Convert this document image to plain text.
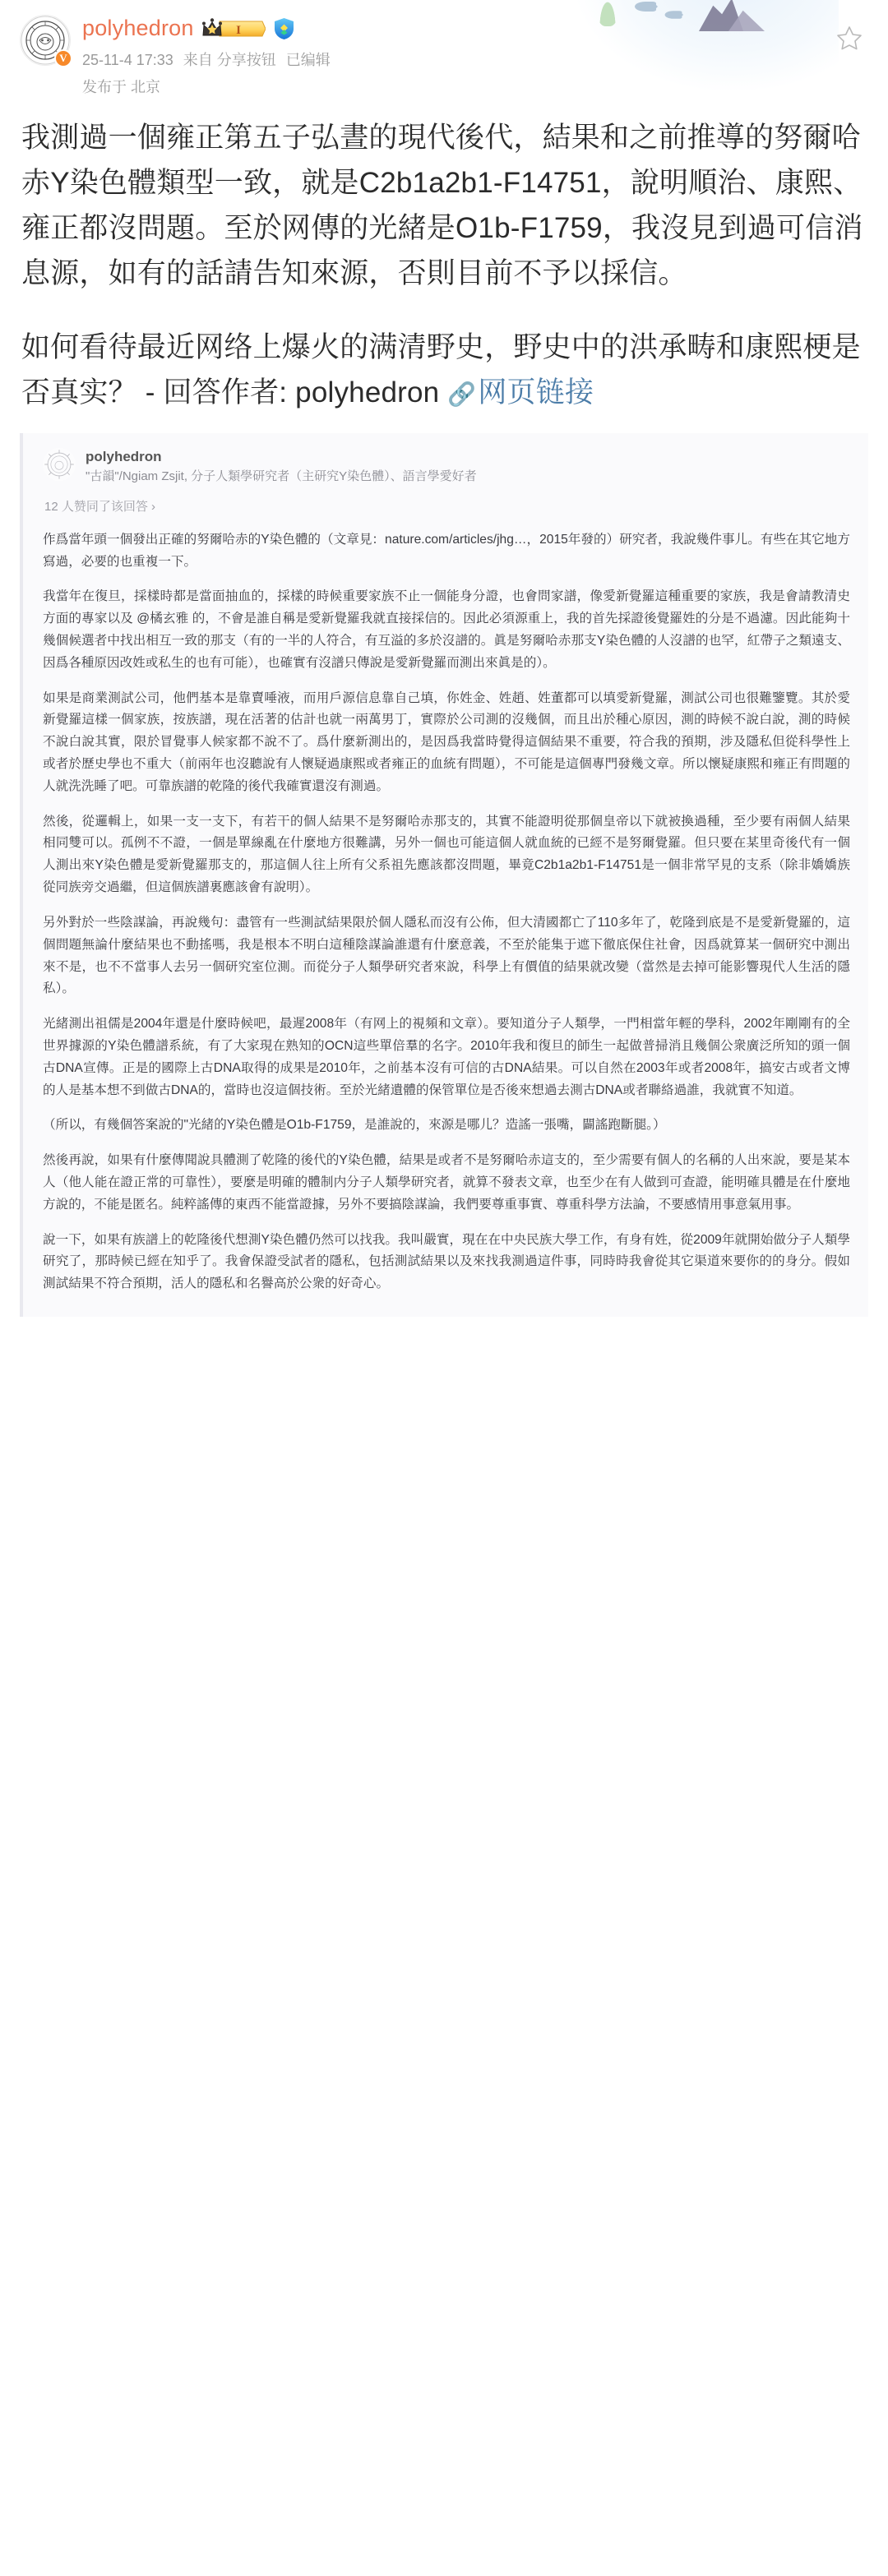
V
polyhedron	I
25-11-4 17:33 来自 分享按钮 已编辑
发布于 北京

我測過一個雍正第五子弘晝的現代後代，結果和之前推導的努爾哈赤Y染色體類型一致，就是C2b1a2b1-F14751，說明順治、康熙、雍正都沒問題。至於网傳的光緒是O1b-F1759，我沒見到過可信消息源，如有的話請告知來源，否則目前不予以採信。

如何看待最近网络上爆火的满清野史，野史中的洪承畴和康熙梗是否真实？ - 回答作者: polyhedron 🔗网页链接

polyhedron
"古韻"/Ngiam Zsjit, 分子人類學研究者（主研究Y染色體）、語言學愛好者
12 人赞同了该回答 ›

作爲當年頭一個發出正確的努爾哈赤的Y染色體的（文章見：nature.com/articles/jhg…，2015年發的）研究者，我說幾件事儿。有些在其它地方寫過，必要的也重複一下。

我當年在復旦，採樣時都是當面抽血的，採樣的時候重要家族不止一個能身分證，也會問家譜，像愛新覺羅這種重要的家族，我是會請教清史方面的專家以及 @橘玄雅 的，不會是誰自稱是愛新覺羅我就直接採信的。因此必須源重上，我的首先採證後覺羅姓的分是不過濾。因此能夠十幾個候選者中找出相互一致的那支（有的一半的人符合，有互溢的多於沒譜的。眞是努爾哈赤那支Y染色體的人沒譜的也罕，紅帶子之類遠支、因爲各種原因改姓或私生的也有可能），也確實有沒譜只傳說是愛新覺羅而測出來眞是的）。

如果是商業測試公司，他們基本是靠賣唾液，而用戶源信息靠自己填，你姓金、姓趙、姓董都可以填愛新覺羅，測試公司也很難鑒覽。其於愛新覺羅這樣一個家族，按族譜，現在活著的估計也就一兩萬男丁，實際於公司測的沒幾個，而且出於種心原因，測的時候不說白說，測的時候不說白說其實，限於冒覺事人候家都不說不了。爲什麼新測出的，是因爲我當時覺得這個結果不重要，符合我的預期，涉及隱私但從科學性上或者於歷史學也不重大（前兩年也沒聽說有人懷疑過康熙或者雍正的血統有問題），不可能是這個專門發幾文章。所以懷疑康熙和雍正有問題的人就洗洗睡了吧。可靠族譜的乾隆的後代我確實還沒有測過。

然後，從邏輯上，如果一支一支下，有若干的個人結果不是努爾哈赤那支的，其實不能證明從那個皇帝以下就被換過種，至少要有兩個人結果相同雙可以。孤例不不證，一個是單線亂在什麼地方很難講，另外一個也可能這個人就血統的已經不是努爾覺羅。但只要在某里奇後代有一個人測出來Y染色體是愛新覺羅那支的，那這個人往上所有父系祖先應該都沒問題，畢竟C2b1a2b1-F14751是一個非常罕見的支系（除非嬌嬌族從同族旁交過繼，但這個族譜裏應該會有說明）。

另外對於一些陰謀論，再說幾句：盡管有一些測試結果限於個人隱私而沒有公佈，但大清國都亡了110多年了，乾隆到底是不是愛新覺羅的，這個問題無論什麼結果也不動搖嗎，我是根本不明白這種陰謀論誰還有什麼意義，不至於能集于遮下徹底保住社會，因爲就算某一個研究中測出來不是，也不不當事人去另一個研究室位測。而從分子人類學研究者來說，科學上有價值的結果就改變（當然是去掉可能影響現代人生活的隱私）。

光緒測出祖儒是2004年還是什麼時候吧，最遲2008年（有网上的視頻和文章）。要知道分子人類學，一門相當年輕的學科，2002年剛剛有的全世界據源的Y染色體譜系統，有了大家現在熟知的OCN這些單倍羣的名字。2010年我和復旦的師生一起做普掃消且幾個公衆廣泛所知的頭一個古DNA宣傳。正是的國際上古DNA取得的成果是2010年，之前基本沒有可信的古DNA結果。可以自然在2003年或者2008年，搞安古或者文博的人是基本想不到做古DNA的，當時也沒這個技術。至於光緒遺體的保管單位是否後來想過去測古DNA或者聯絡過誰，我就實不知道。

（所以，有幾個答案說的"光緒的Y染色體是O1b-F1759，是誰說的，來源是哪儿？造謠一張嘴，闢謠跑斷腿。）

然後再說，如果有什麼傳聞說具體測了乾隆的後代的Y染色體，結果是或者不是努爾哈赤這支的，至少需要有個人的名稱的人出來說，要是某本人（他人能在證正常的可靠性），要麼是明確的體制内分子人類學研究者，就算不發表文章，也至少在有人做到可查證，能明確具體是在什麼地方說的，不能是匿名。純粹謠傳的東西不能當證據，另外不要搞陰謀論，我們要尊重事實、尊重科學方法論，不要感情用事意氣用事。

說一下，如果有族譜上的乾隆後代想測Y染色體仍然可以找我。我叫嚴實，現在在中央民族大學工作，有身有姓，從2009年就開始做分子人類學研究了，那時候已經在知乎了。我會保證受試者的隱私，包括測試結果以及來找我測過這件事，同時時我會從其它渠道來要你的的身分。假如測試結果不符合預期，活人的隱私和名譽高於公衆的好奇心。
